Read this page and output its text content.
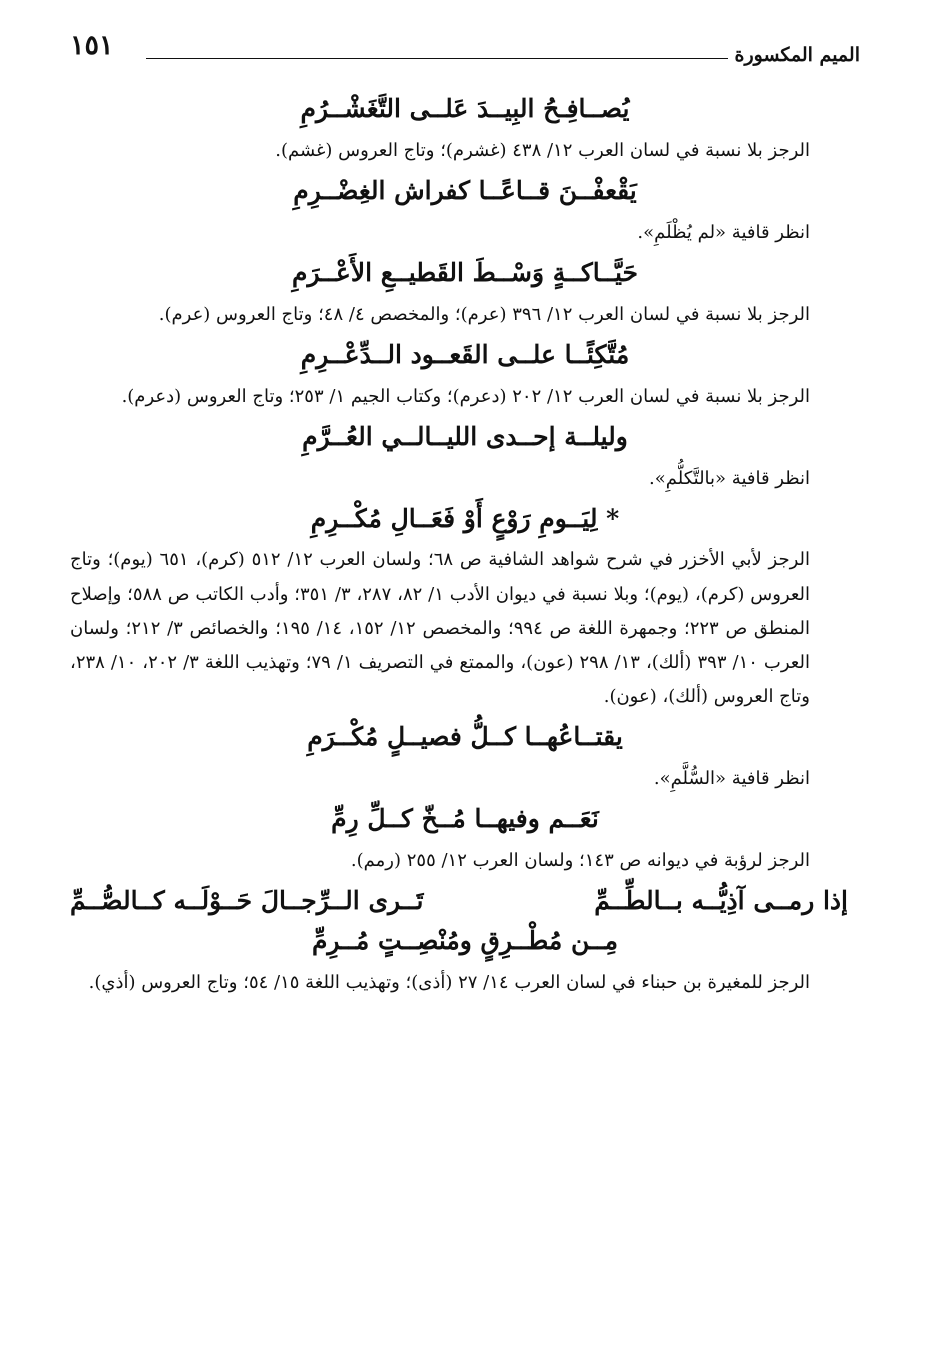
الميم المكسورة
١٥١
يُصــافِـحُ البِيــدَ عَلــى التَّغَشْــرُمِ

الرجز بلا نسبة في لسان العرب ١٢/ ٤٣٨ (غشرم)؛ وتاج العروس (غشم).

يَقْعفْــنَ قــاعًــا كفراش الغِضْــرِمِ

انظر قافية «لم يُظْلَمِ».

حَيَّــاكــةٍ وَسْــطَ القَطيــعِ الأَعْــرَمِ

الرجز بلا نسبة في لسان العرب ١٢/ ٣٩٦ (عرم)؛ والمخصص ٤/ ٤٨؛ وتاج العروس (عرم).

مُتَّكِئًــا علــى القَعــود الــدِّعْــرِمِ

الرجز بلا نسبة في لسان العرب ١٢/ ٢٠٢ (دعرم)؛ وكتاب الجيم ١/ ٢٥٣؛ وتاج العروس (دعرم).

وليلــة إحــدى الليــالــي العُــرَّمِ

انظر قافية «بالتَّكلُّمِ».

* لِيَــومِ رَوْعٍ أَوْ فَعَــالِ مُكْــرِمِ

الرجز لأبي الأخزر في شرح شواهد الشافية ص ٦٨؛ ولسان العرب ١٢/ ٥١٢ (كرم)، ٦٥١ (يوم)؛ وتاج العروس (كرم)، (يوم)؛ وبلا نسبة في ديوان الأدب ١/ ٨٢، ٢٨٧، ٣/ ٣٥١؛ وأدب الكاتب ص ٥٨٨؛ وإصلاح المنطق ص ٢٢٣؛ وجمهرة اللغة ص ٩٩٤؛ والمخصص ١٢/ ١٥٢، ١٤/ ١٩٥؛ والخصائص ٣/ ٢١٢؛ ولسان العرب ١٠/ ٣٩٣ (ألك)، ١٣/ ٢٩٨ (عون)، والممتع في التصريف ١/ ٧٩؛ وتهذيب اللغة ٣/ ٢٠٢، ١٠/ ٢٣٨، وتاج العروس (ألك)، (عون).

يقتــاعُهــا كــلُّ فصيــلٍ مُكْــرَمِ

انظر قافية «السُّلَّمِ».

نَعَــم وفيهــا مُــخّ كــلِّ رِمِّ

الرجز لرؤبة في ديوانه ص ١٤٣؛ ولسان العرب ١٢/ ٢٥٥ (رمم).

إذا رمــى آذِيُّــه بــالطِّــمِّ
تَــرى الــرِّجــالَ حَــوْلَــه كــالصُّــمِّ
مِــن مُطْــرِقٍ ومُنْصِــتٍ مُــرِمِّ

الرجز للمغيرة بن حبناء في لسان العرب ١٤/ ٢٧ (أذى)؛ وتهذيب اللغة ١٥/ ٥٤؛ وتاج العروس (أذي).
